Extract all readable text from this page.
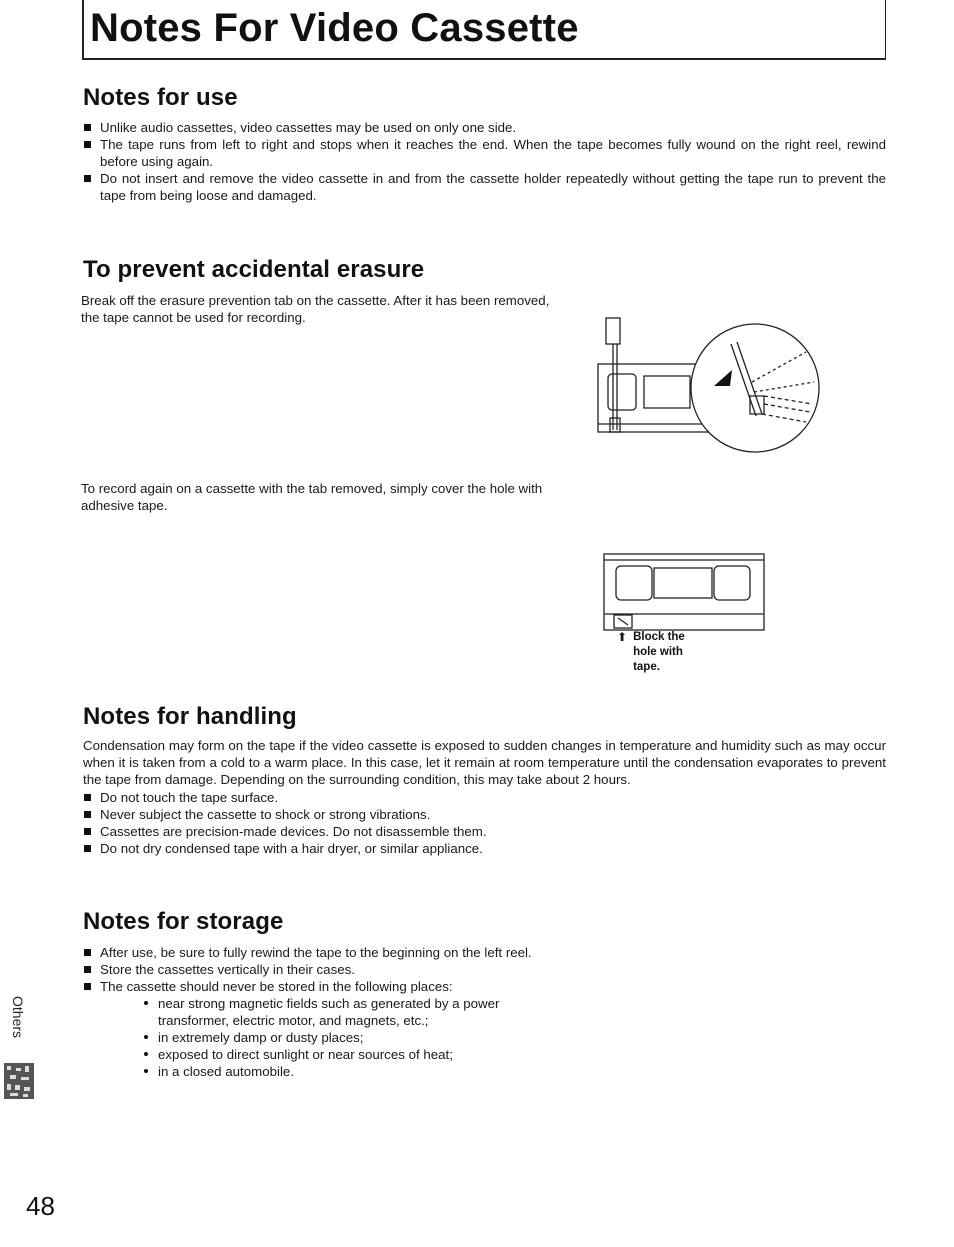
Notes For Video Cassette
Notes for use

Unlike audio cassettes, video cassettes may be used on only one side.

The tape runs from left to right and stops when it reaches the end. When the tape becomes fully wound on the right reel, rewind before using again.

Do not insert and remove the video cassette in and from the cassette holder repeatedly without getting the tape run to prevent the tape from being loose and damaged.

To prevent accidental erasure
Break off the erasure prevention tab on the cassette. After it has been removed, the tape cannot be used for recording.
To record again on a cassette with the tab removed, simply cover the hole with adhesive tape.
⬆ Block the hole with tape.
Notes for handling
Condensation may form on the tape if the video cassette is exposed to sudden changes in temperature and humidity such as may occur when it is taken from a cold to a warm place. In this case, let it remain at room temperature until the condensation evaporates to prevent the tape from damage. Depending on the surrounding condition, this may take about 2 hours.

Do not touch the tape surface.

Never subject the cassette to shock or strong vibrations.

Cassettes are precision-made devices. Do not disassemble them.

Do not dry condensed tape with a hair dryer, or similar appliance.

Notes for storage

After use, be sure to fully rewind the tape to the beginning on the left reel.

Store the cassettes vertically in their cases.

The cassette should never be stored in the following places:

near strong magnetic fields such as generated by a power transformer, electric motor, and magnets, etc.;

in extremely damp or dusty places;

exposed to direct sunlight or near sources of heat;

in a closed automobile.

Others
48
